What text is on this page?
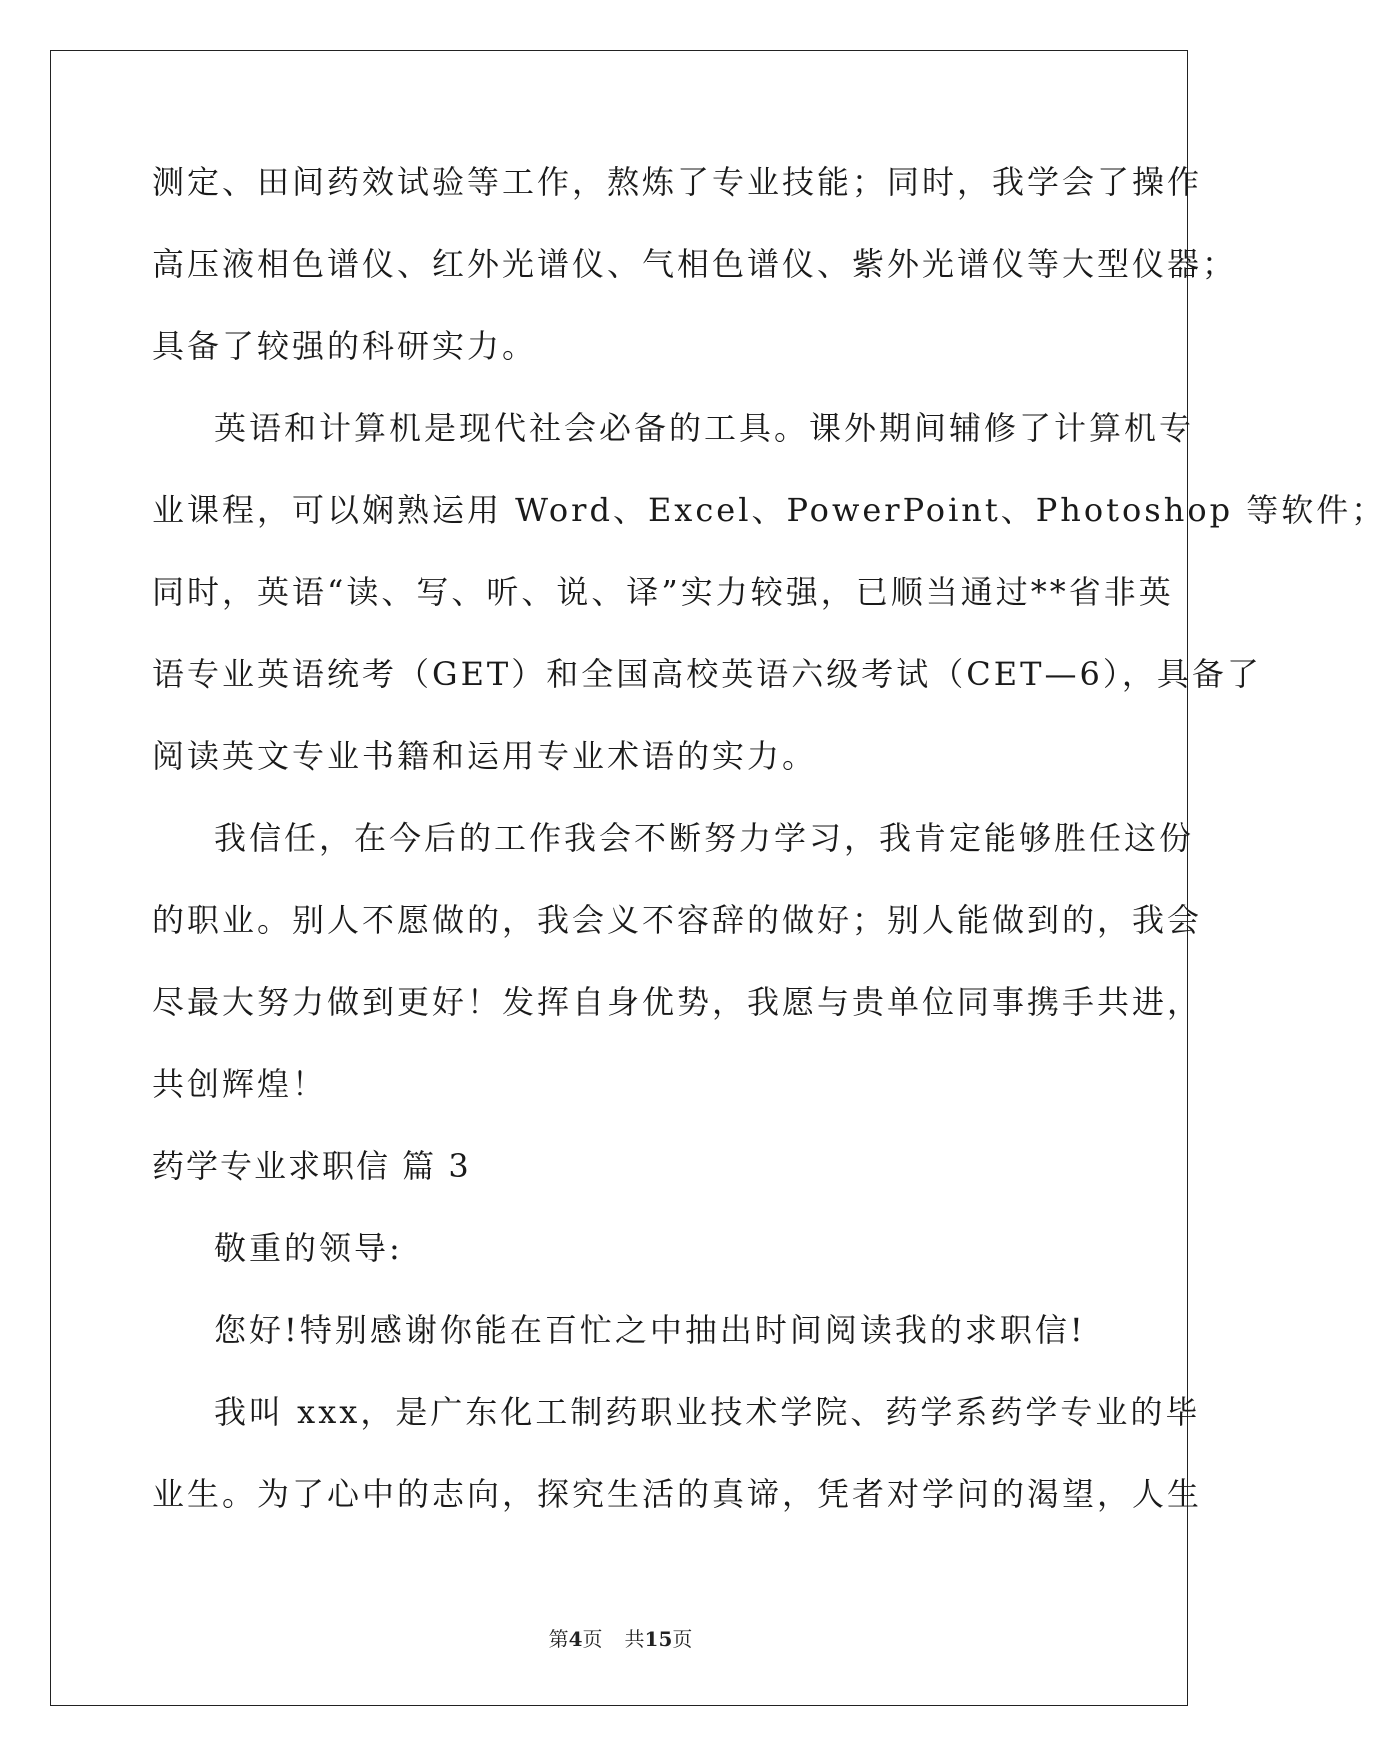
测定、田间药效试验等工作，熬炼了专业技能；同时，我学会了操作
高压液相色谱仪、红外光谱仪、气相色谱仪、紫外光谱仪等大型仪器；
具备了较强的科研实力。
英语和计算机是现代社会必备的工具。课外期间辅修了计算机专
业课程，可以娴熟运用 Word、Excel、PowerPoint、Photoshop 等软件；
同时，英语“读、写、听、说、译”实力较强，已顺当通过**省非英
语专业英语统考（GET）和全国高校英语六级考试（CET—6），具备了
阅读英文专业书籍和运用专业术语的实力。
我信任，在今后的工作我会不断努力学习，我肯定能够胜任这份
的职业。别人不愿做的，我会义不容辞的做好；别人能做到的，我会
尽最大努力做到更好！发挥自身优势，我愿与贵单位同事携手共进，
共创辉煌！
药学专业求职信 篇 3
敬重的领导:
您好!特别感谢你能在百忙之中抽出时间阅读我的求职信!
我叫 xxx，是广东化工制药职业技术学院、药学系药学专业的毕
业生。为了心中的志向，探究生活的真谛，凭者对学问的渴望，人生
第4页 共15页
